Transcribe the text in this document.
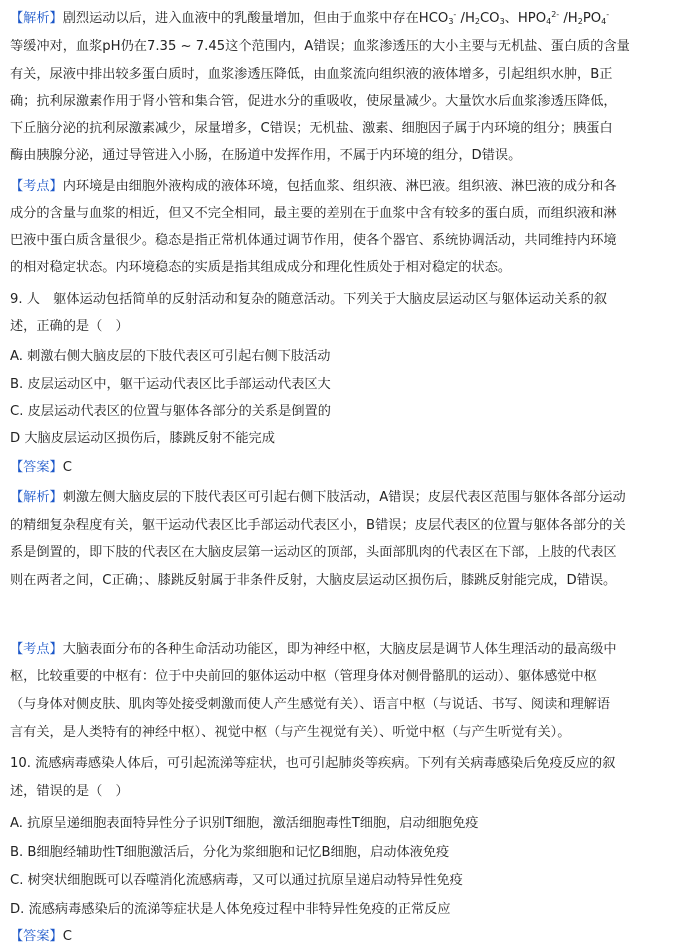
【解析】剧烈运动以后，进入血液中的乳酸量增加，但由于血浆中存在$HCO_3^-$ $/H_2CO_3$、$HPO_4^{2-}$ $/H_2PO_4^-$
等缓冲对，血浆pH仍在7.35 ~ 7.45这个范围内，A错误；血浆渗透压的大小主要与无机盐、蛋白质的含量
有关，尿液中排出较多蛋白质时，血浆渗透压降低，由血浆流向组织液的液体增多，引起组织水肿，B正
确；抗利尿激素作用于肾小管和集合管，促进水分的重吸收，使尿量减少。大量饮水后血浆渗透压降低，
下丘脑分泌的抗利尿激素减少，尿量增多，C错误；无机盐、激素、细胞因子属于内环境的组分；胰蛋白
酶由胰腺分泌，通过导管进入小肠，在肠道中发挥作用，不属于内环境的组分，D错误。
【考点】内环境是由细胞外液构成的液体环境，包括血浆、组织液、淋巴液。组织液、淋巴液的成分和各
成分的含量与血浆的相近，但又不完全相同，最主要的差别在于血浆中含有较多的蛋白质，而组织液和淋
巴液中蛋白质含量很少。稳态是指正常机体通过调节作用，使各个器官、系统协调活动，共同维持内环境
的相对稳定状态。内环境稳态的实质是指其组成成分和理化性质处于相对稳定的状态。
9. 人　躯体运动包括简单的反射活动和复杂的随意活动。下列关于大脑皮层运动区与躯体运动关系的叙
述，正确的是（　）
A. 刺激右侧大脑皮层的下肢代表区可引起右侧下肢活动
B. 皮层运动区中，躯干运动代表区比手部运动代表区大
C. 皮层运动代表区的位置与躯体各部分的关系是倒置的
D 大脑皮层运动区损伤后，膝跳反射不能完成
【答案】C
【解析】刺激左侧大脑皮层的下肢代表区可引起右侧下肢活动，A错误；皮层代表区范围与躯体各部分运动
的精细复杂程度有关，躯干运动代表区比手部运动代表区小，B错误；皮层代表区的位置与躯体各部分的关
系是倒置的，即下肢的代表区在大脑皮层第一运动区的顶部，头面部肌肉的代表区在下部，上肢的代表区
则在两者之间，C正确；、膝跳反射属于非条件反射，大脑皮层运动区损伤后，膝跳反射能完成，D错误。
【考点】大脑表面分布的各种生命活动功能区，即为神经中枢，大脑皮层是调节人体生理活动的最高级中
枢，比较重要的中枢有：位于中央前回的躯体运动中枢（管理身体对侧骨骼肌的运动）、躯体感觉中枢
（与身体对侧皮肤、肌肉等处接受刺激而使人产生感觉有关）、语言中枢（与说话、书写、阅读和理解语
言有关，是人类特有的神经中枢）、视觉中枢（与产生视觉有关）、听觉中枢（与产生听觉有关）。
10. 流感病毒感染人体后，可引起流涕等症状，也可引起肺炎等疾病。下列有关病毒感染后免疫反应的叙
述，错误的是（　）
A. 抗原呈递细胞表面特异性分子识别T细胞，激活细胞毒性T细胞，启动细胞免疫
B. B细胞经辅助性T细胞激活后，分化为浆细胞和记忆B细胞，启动体液免疫
C. 树突状细胞既可以吞噬消化流感病毒，又可以通过抗原呈递启动特异性免疫
D. 流感病毒感染后的流涕等症状是人体免疫过程中非特异性免疫的正常反应
【答案】C
